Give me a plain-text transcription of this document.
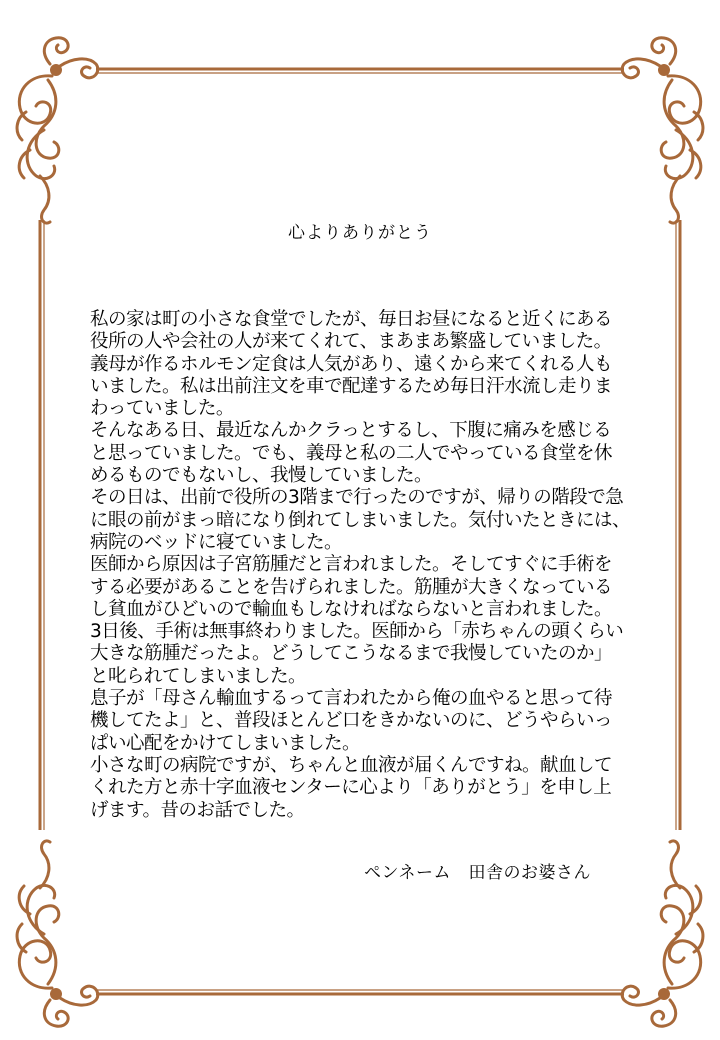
心よりありがとう
私の家は町の小さな食堂でしたが、毎日お昼になると近くにある
役所の人や会社の人が来てくれて、まあまあ繁盛していました。
義母が作るホルモン定食は人気があり、遠くから来てくれる人も
いました。私は出前注文を車で配達するため毎日汗水流し走りま
わっていました。
そんなある日、最近なんかクラっとするし、下腹に痛みを感じる
と思っていました。でも、義母と私の二人でやっている食堂を休
めるものでもないし、我慢していました。
その日は、出前で役所の3階まで行ったのですが、帰りの階段で急
に眼の前がまっ暗になり倒れてしまいました。気付いたときには、
病院のベッドに寝ていました。
医師から原因は子宮筋腫だと言われました。そしてすぐに手術を
する必要があることを告げられました。筋腫が大きくなっている
し貧血がひどいので輸血もしなければならないと言われました。
3日後、手術は無事終わりました。医師から「赤ちゃんの頭くらい
大きな筋腫だったよ。どうしてこうなるまで我慢していたのか」
と叱られてしまいました。
息子が「母さん輸血するって言われたから俺の血やると思って待
機してたよ」と、普段ほとんど口をきかないのに、どうやらいっ
ぱい心配をかけてしまいました。
小さな町の病院ですが、ちゃんと血液が届くんですね。献血して
くれた方と赤十字血液センターに心より「ありがとう」を申し上
げます。昔のお話でした。
ペンネーム　田舎のお婆さん
